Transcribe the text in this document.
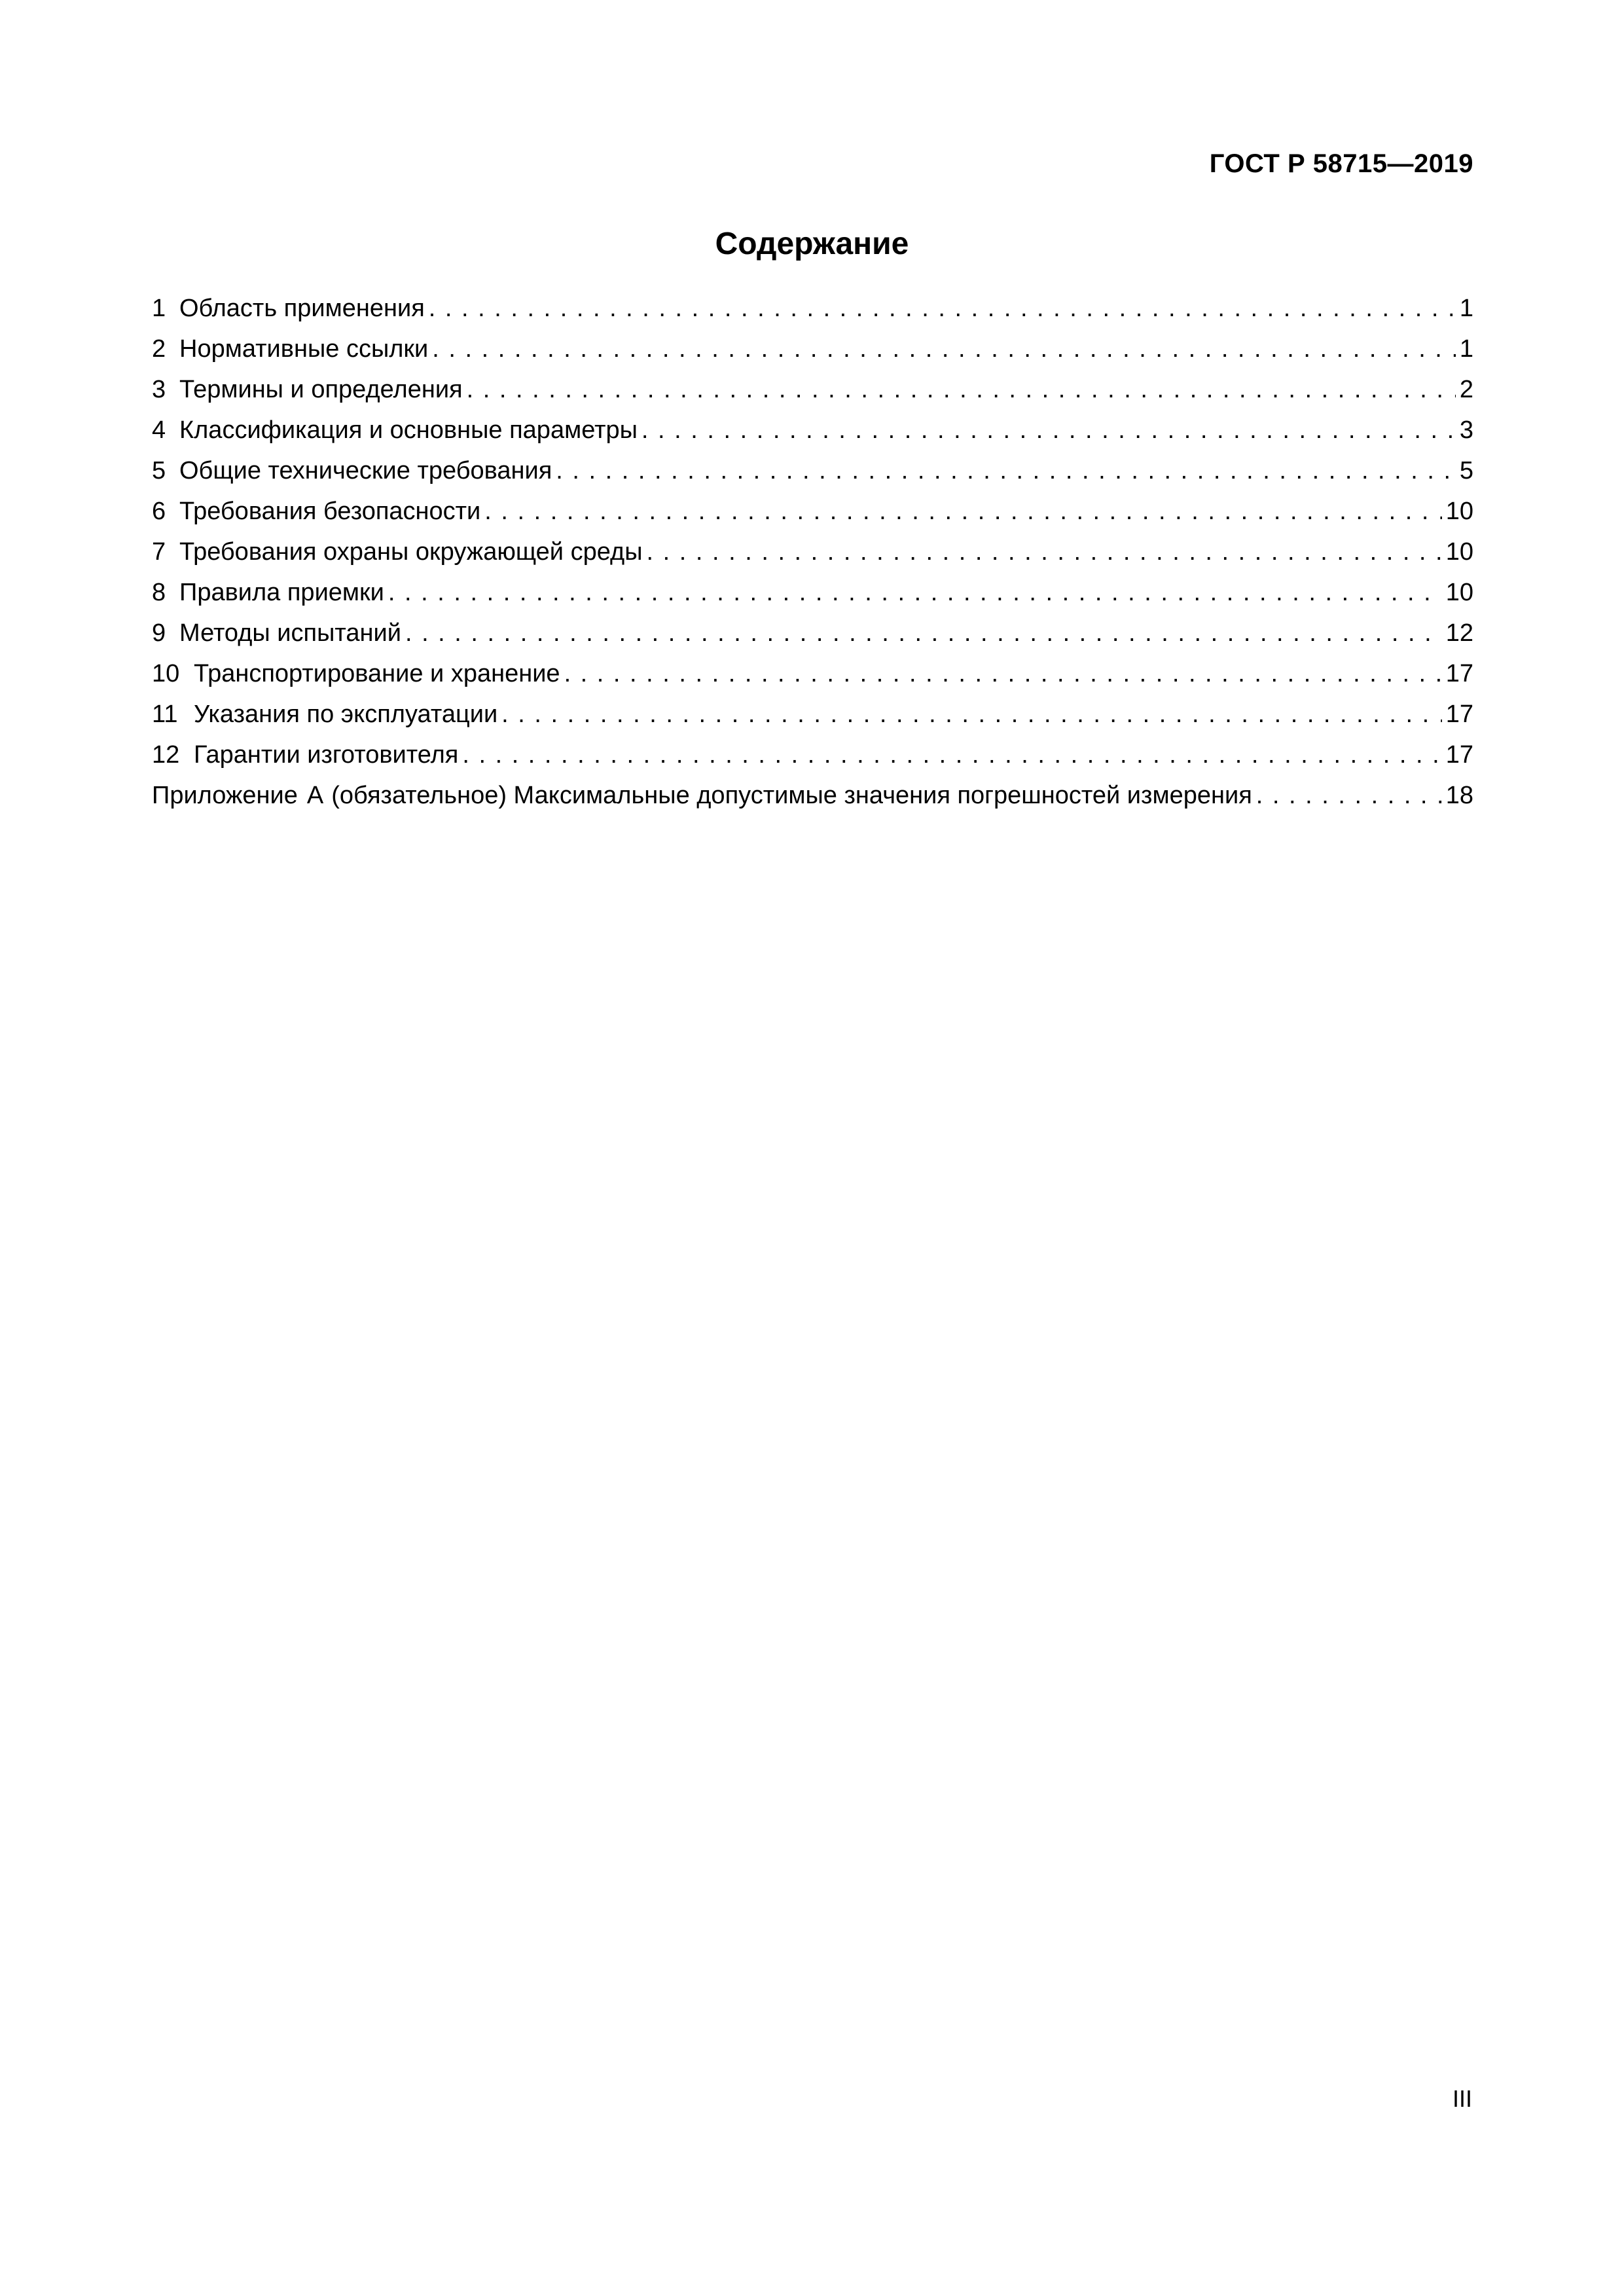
ГОСТ Р 58715—2019
Содержание
1 Область применения . . .	1
2 Нормативные ссылки . . .	1
3 Термины и определения . . .	2
4 Классификация и основные параметры . . .	3
5 Общие технические требования . . .	5
6 Требования безопасности . . .	10
7 Требования охраны окружающей среды . . .	10
8 Правила приемки . . .	10
9 Методы испытаний . . .	12
10 Транспортирование и хранение . . .	17
11 Указания по эксплуатации . . .	17
12 Гарантии изготовителя . . .	17
Приложение А (обязательное) Максимальные допустимые значения погрешностей измерения . . .	18
III
